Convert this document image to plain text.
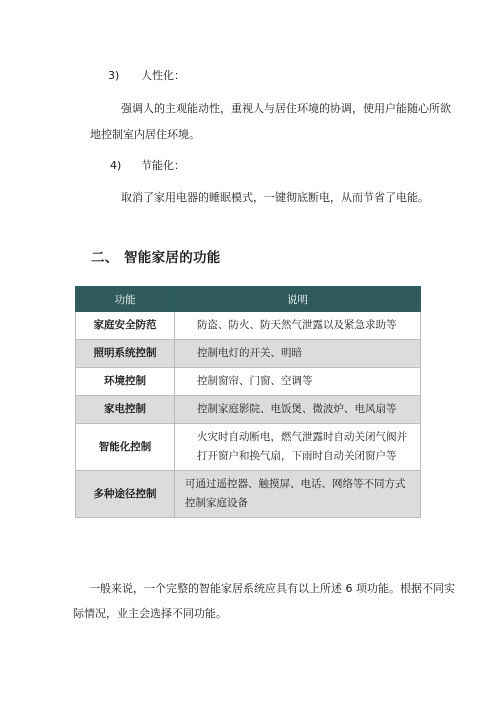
3) 人性化：
强调人的主观能动性，重视人与居住环境的协调，使用户能随心所欲
地控制室内居住环境。
4) 节能化：
取消了家用电器的睡眠模式，一键彻底断电，从而节省了电能。
二、 智能家居的功能
功能	说明
家庭安全防范	防盗、防火、防天然气泄露以及紧急求助等
照明系统控制	控制电灯的开关、明暗
环境控制	控制窗帘、门窗、空调等
家电控制	控制家庭影院、电饭煲、微波炉、电风扇等
智能化控制	火灾时自动断电，燃气泄露时自动关闭气阀并打开窗户和换气扇，下雨时自动关闭窗户等
多种途径控制	可通过遥控器、触摸屏、电话、网络等不同方式控制家庭设备
一般来说，一个完整的智能家居系统应具有以上所述 6 项功能。根据不同实
际情况，业主会选择不同功能。
